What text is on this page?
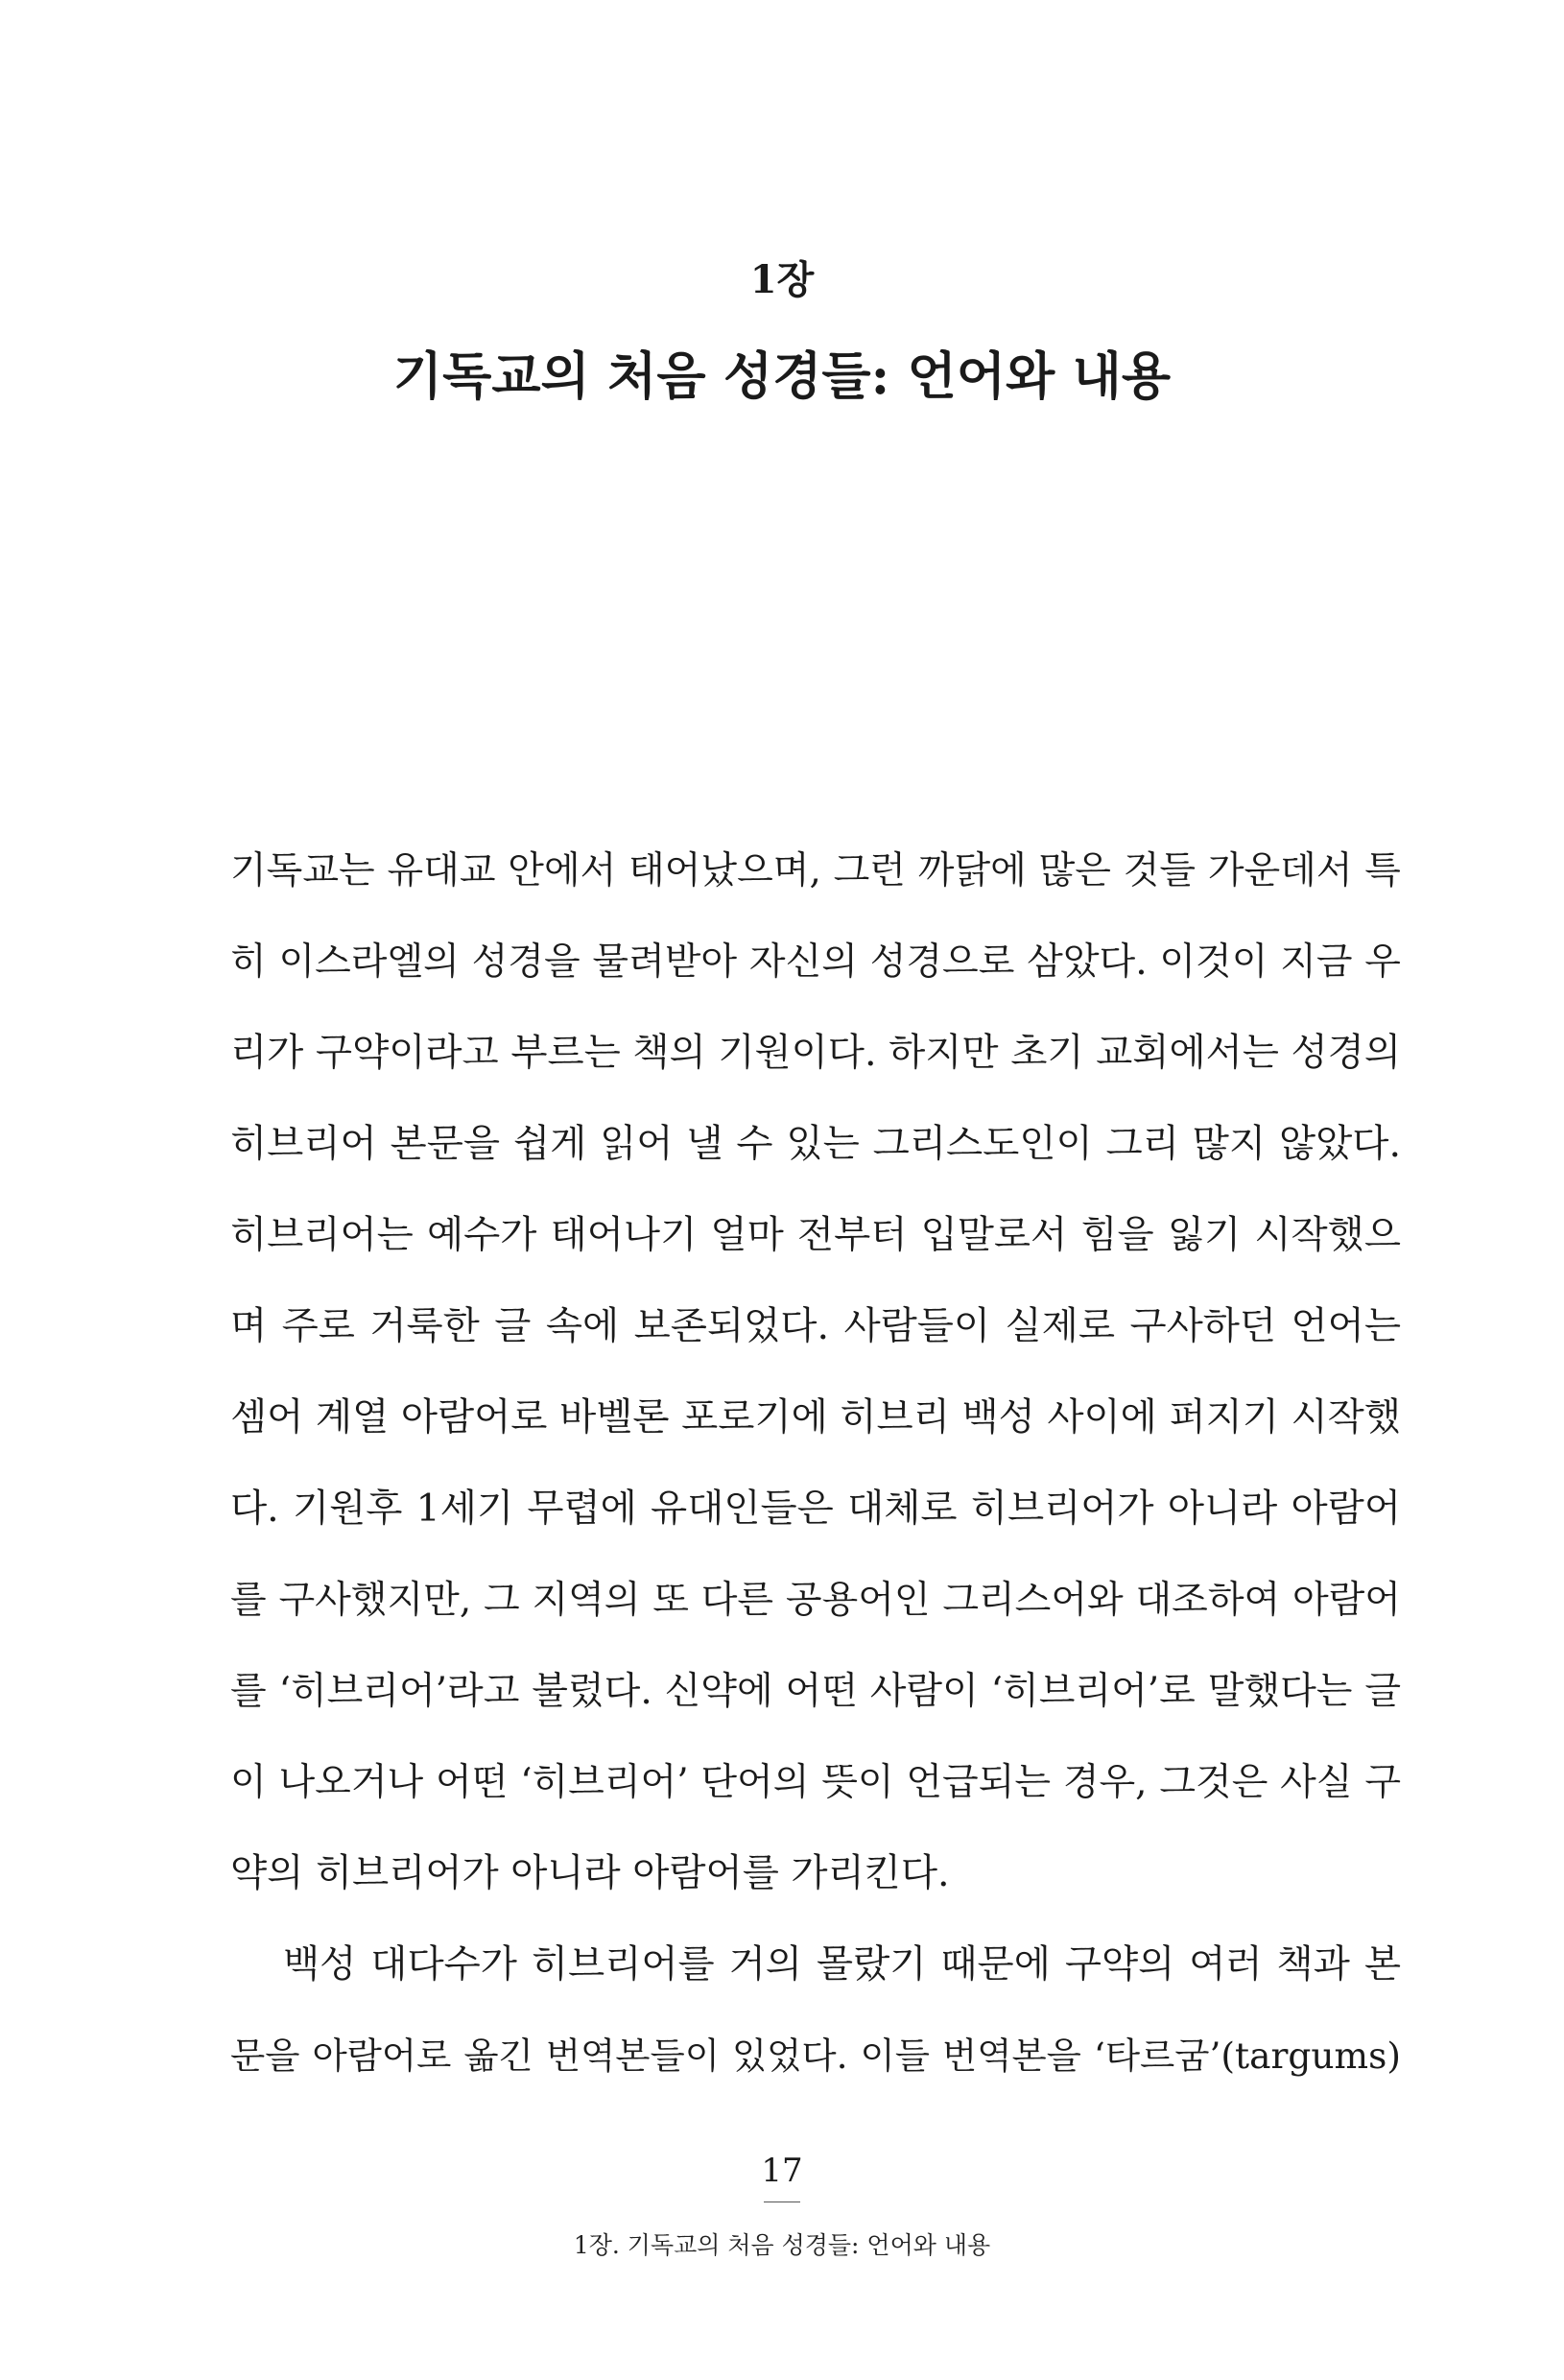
1장
기독교의 처음 성경들: 언어와 내용
기독교는 유대교 안에서 태어났으며, 그런 까닭에 많은 것들 가운데서 특
히 이스라엘의 성경을 물려받아 자신의 성경으로 삼았다. 이것이 지금 우
리가 구약이라고 부르는 책의 기원이다. 하지만 초기 교회에서는 성경의
히브리어 본문을 쉽게 읽어 낼 수 있는 그리스도인이 그리 많지 않았다.
히브리어는 예수가 태어나기 얼마 전부터 입말로서 힘을 잃기 시작했으
며 주로 거룩한 글 속에 보존되었다. 사람들이 실제로 구사하던 언어는
셈어 계열 아람어로 바벨론 포로기에 히브리 백성 사이에 퍼지기 시작했
다. 기원후 1세기 무렵에 유대인들은 대체로 히브리어가 아니라 아람어
를 구사했지만, 그 지역의 또 다른 공용어인 그리스어와 대조하여 아람어
를 ‘히브리어’라고 불렀다. 신약에 어떤 사람이 ‘히브리어’로 말했다는 글
이 나오거나 어떤 ‘히브리어’ 단어의 뜻이 언급되는 경우, 그것은 사실 구
약의 히브리어가 아니라 아람어를 가리킨다.
백성 대다수가 히브리어를 거의 몰랐기 때문에 구약의 여러 책과 본
문을 아람어로 옮긴 번역본들이 있었다. 이들 번역본을 ‘타르굼’(targums)
17
1장. 기독교의 처음 성경들: 언어와 내용
